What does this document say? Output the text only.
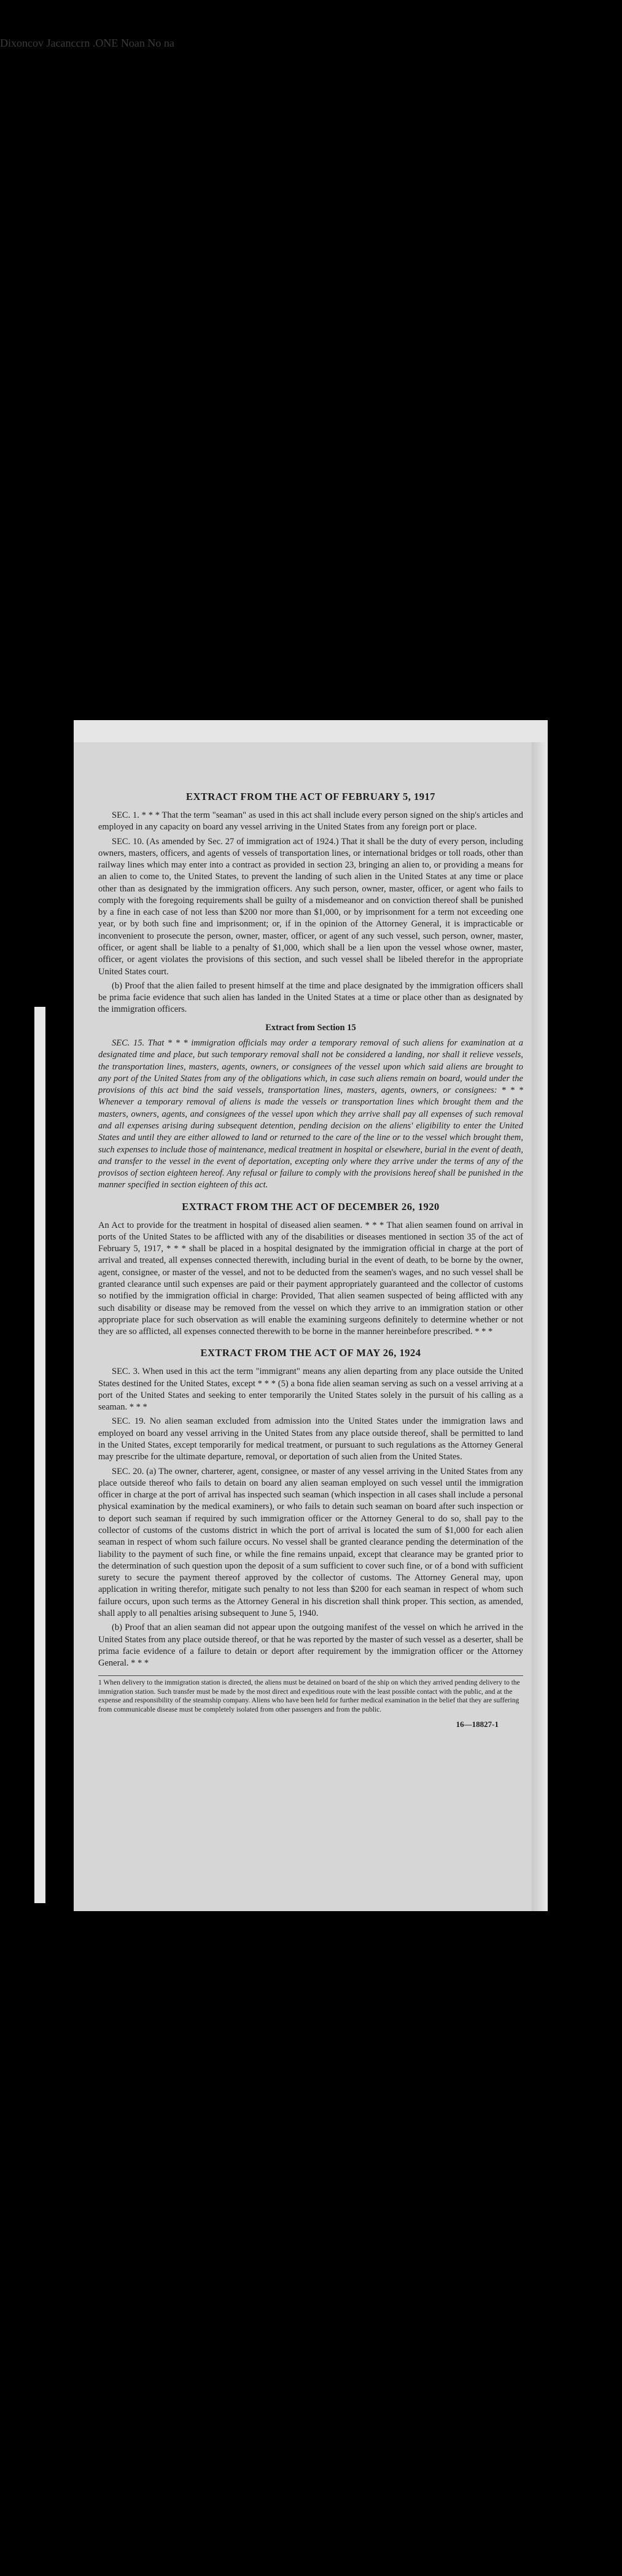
Dixoncov Jacanccrn .ONE Noan No na
EXTRACT FROM THE ACT OF FEBRUARY 5, 1917

SEC. 1. * * * That the term "seaman" as used in this act shall include every person signed on the ship's articles and employed in any capacity on board any vessel arriving in the United States from any foreign port or place.

SEC. 10. (As amended by Sec. 27 of immigration act of 1924.) That it shall be the duty of every person, including owners, masters, officers, and agents of vessels of transportation lines, or international bridges or toll roads, other than railway lines which may enter into a contract as provided in section 23, bringing an alien to, or providing a means for an alien to come to, the United States, to prevent the landing of such alien in the United States at any time or place other than as designated by the immigration officers. Any such person, owner, master, officer, or agent who fails to comply with the foregoing requirements shall be guilty of a misdemeanor and on conviction thereof shall be punished by a fine in each case of not less than $200 nor more than $1,000, or by imprisonment for a term not exceeding one year, or by both such fine and imprisonment; or, if in the opinion of the Attorney General, it is impracticable or inconvenient to prosecute the person, owner, master, officer, or agent of any such vessel, such person, owner, master, officer, or agent shall be liable to a penalty of $1,000, which shall be a lien upon the vessel whose owner, master, officer, or agent violates the provisions of this section, and such vessel shall be libeled therefor in the appropriate United States court.

(b) Proof that the alien failed to present himself at the time and place designated by the immigration officers shall be prima facie evidence that such alien has landed in the United States at a time or place other than as designated by the immigration officers.

Extract from Section 15

SEC. 15. That * * * immigration officials may order a temporary removal of such aliens for examination at a designated time and place, but such temporary removal shall not be considered a landing, nor shall it relieve vessels, the transportation lines, masters, agents, owners, or consignees of the vessel upon which said aliens are brought to any port of the United States from any of the obligations which, in case such aliens remain on board, would under the provisions of this act bind the said vessels, transportation lines, masters, agents, owners, or consignees: * * * Whenever a temporary removal of aliens is made the vessels or transportation lines which brought them and the masters, owners, agents, and consignees of the vessel upon which they arrive shall pay all expenses of such removal and all expenses arising during subsequent detention, pending decision on the aliens' eligibility to enter the United States and until they are either allowed to land or returned to the care of the line or to the vessel which brought them, such expenses to include those of maintenance, medical treatment in hospital or elsewhere, burial in the event of death, and transfer to the vessel in the event of deportation, excepting only where they arrive under the terms of any of the provisos of section eighteen hereof. Any refusal or failure to comply with the provisions hereof shall be punished in the manner specified in section eighteen of this act.

EXTRACT FROM THE ACT OF DECEMBER 26, 1920

An Act to provide for the treatment in hospital of diseased alien seamen. * * * That alien seamen found on arrival in ports of the United States to be afflicted with any of the disabilities or diseases mentioned in section 35 of the act of February 5, 1917, * * * shall be placed in a hospital designated by the immigration official in charge at the port of arrival and treated, all expenses connected therewith, including burial in the event of death, to be borne by the owner, agent, consignee, or master of the vessel, and not to be deducted from the seamen's wages, and no such vessel shall be granted clearance until such expenses are paid or their payment appropriately guaranteed and the collector of customs so notified by the immigration official in charge: Provided, That alien seamen suspected of being afflicted with any such disability or disease may be removed from the vessel on which they arrive to an immigration station or other appropriate place for such observation as will enable the examining surgeons definitely to determine whether or not they are so afflicted, all expenses connected therewith to be borne in the manner hereinbefore prescribed. * * *

EXTRACT FROM THE ACT OF MAY 26, 1924

SEC. 3. When used in this act the term "immigrant" means any alien departing from any place outside the United States destined for the United States, except * * * (5) a bona fide alien seaman serving as such on a vessel arriving at a port of the United States and seeking to enter temporarily the United States solely in the pursuit of his calling as a seaman. * * *

SEC. 19. No alien seaman excluded from admission into the United States under the immigration laws and employed on board any vessel arriving in the United States from any place outside thereof, shall be permitted to land in the United States, except temporarily for medical treatment, or pursuant to such regulations as the Attorney General may prescribe for the ultimate departure, removal, or deportation of such alien from the United States.

SEC. 20. (a) The owner, charterer, agent, consignee, or master of any vessel arriving in the United States from any place outside thereof who fails to detain on board any alien seaman employed on such vessel until the immigration officer in charge at the port of arrival has inspected such seaman (which inspection in all cases shall include a personal physical examination by the medical examiners), or who fails to detain such seaman on board after such inspection or to deport such seaman if required by such immigration officer or the Attorney General to do so, shall pay to the collector of customs of the customs district in which the port of arrival is located the sum of $1,000 for each alien seaman in respect of whom such failure occurs. No vessel shall be granted clearance pending the determination of the liability to the payment of such fine, or while the fine remains unpaid, except that clearance may be granted prior to the determination of such question upon the deposit of a sum sufficient to cover such fine, or of a bond with sufficient surety to secure the payment thereof approved by the collector of customs. The Attorney General may, upon application in writing therefor, mitigate such penalty to not less than $200 for each seaman in respect of whom such failure occurs, upon such terms as the Attorney General in his discretion shall think proper. This section, as amended, shall apply to all penalties arising subsequent to June 5, 1940.

(b) Proof that an alien seaman did not appear upon the outgoing manifest of the vessel on which he arrived in the United States from any place outside thereof, or that he was reported by the master of such vessel as a deserter, shall be prima facie evidence of a failure to detain or deport after requirement by the immigration officer or the Attorney General. * * *

1 When delivery to the immigration station is directed, the aliens must be detained on board of the ship on which they arrived pending delivery to the immigration station. Such transfer must be made by the most direct and expeditious route with the least possible contact with the public, and at the expense and responsibility of the steamship company. Aliens who have been held for further medical examination in the belief that they are suffering from communicable disease must be completely isolated from other passengers and from the public.
16—18827-1
